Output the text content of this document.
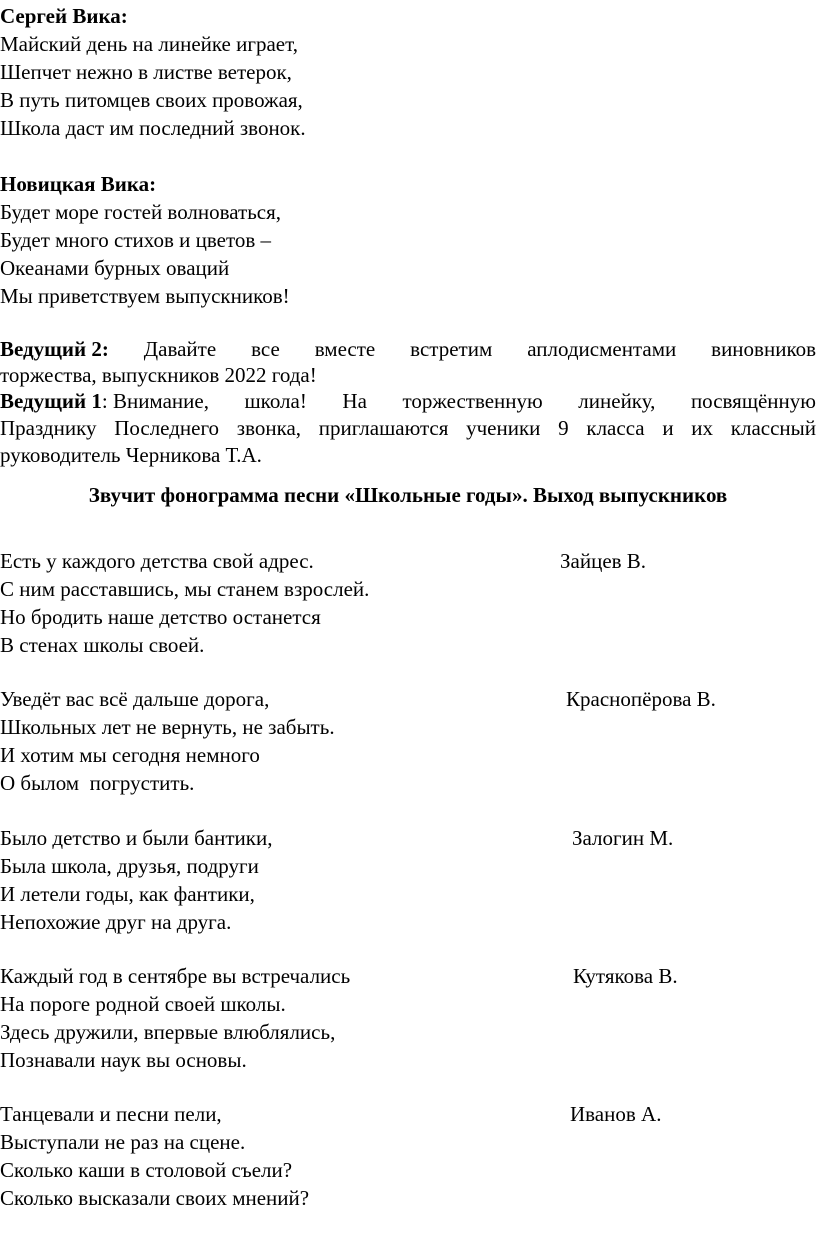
Сергей Вика:
Майский день на линейке играет,
Шепчет нежно в листве ветерок,
В путь питомцев своих провожая,
Школа даст им последний звонок.
Новицкая Вика:
Будет море гостей волноваться,
Будет много стихов и цветов –
Океанами бурных оваций
Мы приветствуем выпускников!
Ведущий 2: Давайте все вместе встретим аплодисментами виновников
торжества, выпускников 2022 года!
Ведущий 1: Внимание, школа! На торжественную линейку, посвящённую
Празднику Последнего звонка, приглашаются ученики 9 класса и их классный
руководитель Черникова Т.А.
Звучит фонограмма песни «Школьные годы». Выход выпускников
Есть у каждого детства свой адрес.	Зайцев В.
С ним расставшись, мы станем взрослей.
Но бродить наше детство останется
В стенах школы своей.
Уведёт вас всё дальше дорога,	Краснопёрова В.
Школьных лет не вернуть, не забыть.
И хотим мы сегодня немного
О былом  погрустить.
Было детство и были бантики,	Залогин М.
Была школа, друзья, подруги
И летели годы, как фантики,
Непохожие друг на друга.
Каждый год в сентябре вы встречались	Кутякова В.
На пороге родной своей школы.
Здесь дружили, впервые влюблялись,
Познавали наук вы основы.
Танцевали и песни пели,	Иванов А.
Выступали не раз на сцене.
Сколько каши в столовой съели?
Сколько высказали своих мнений?
